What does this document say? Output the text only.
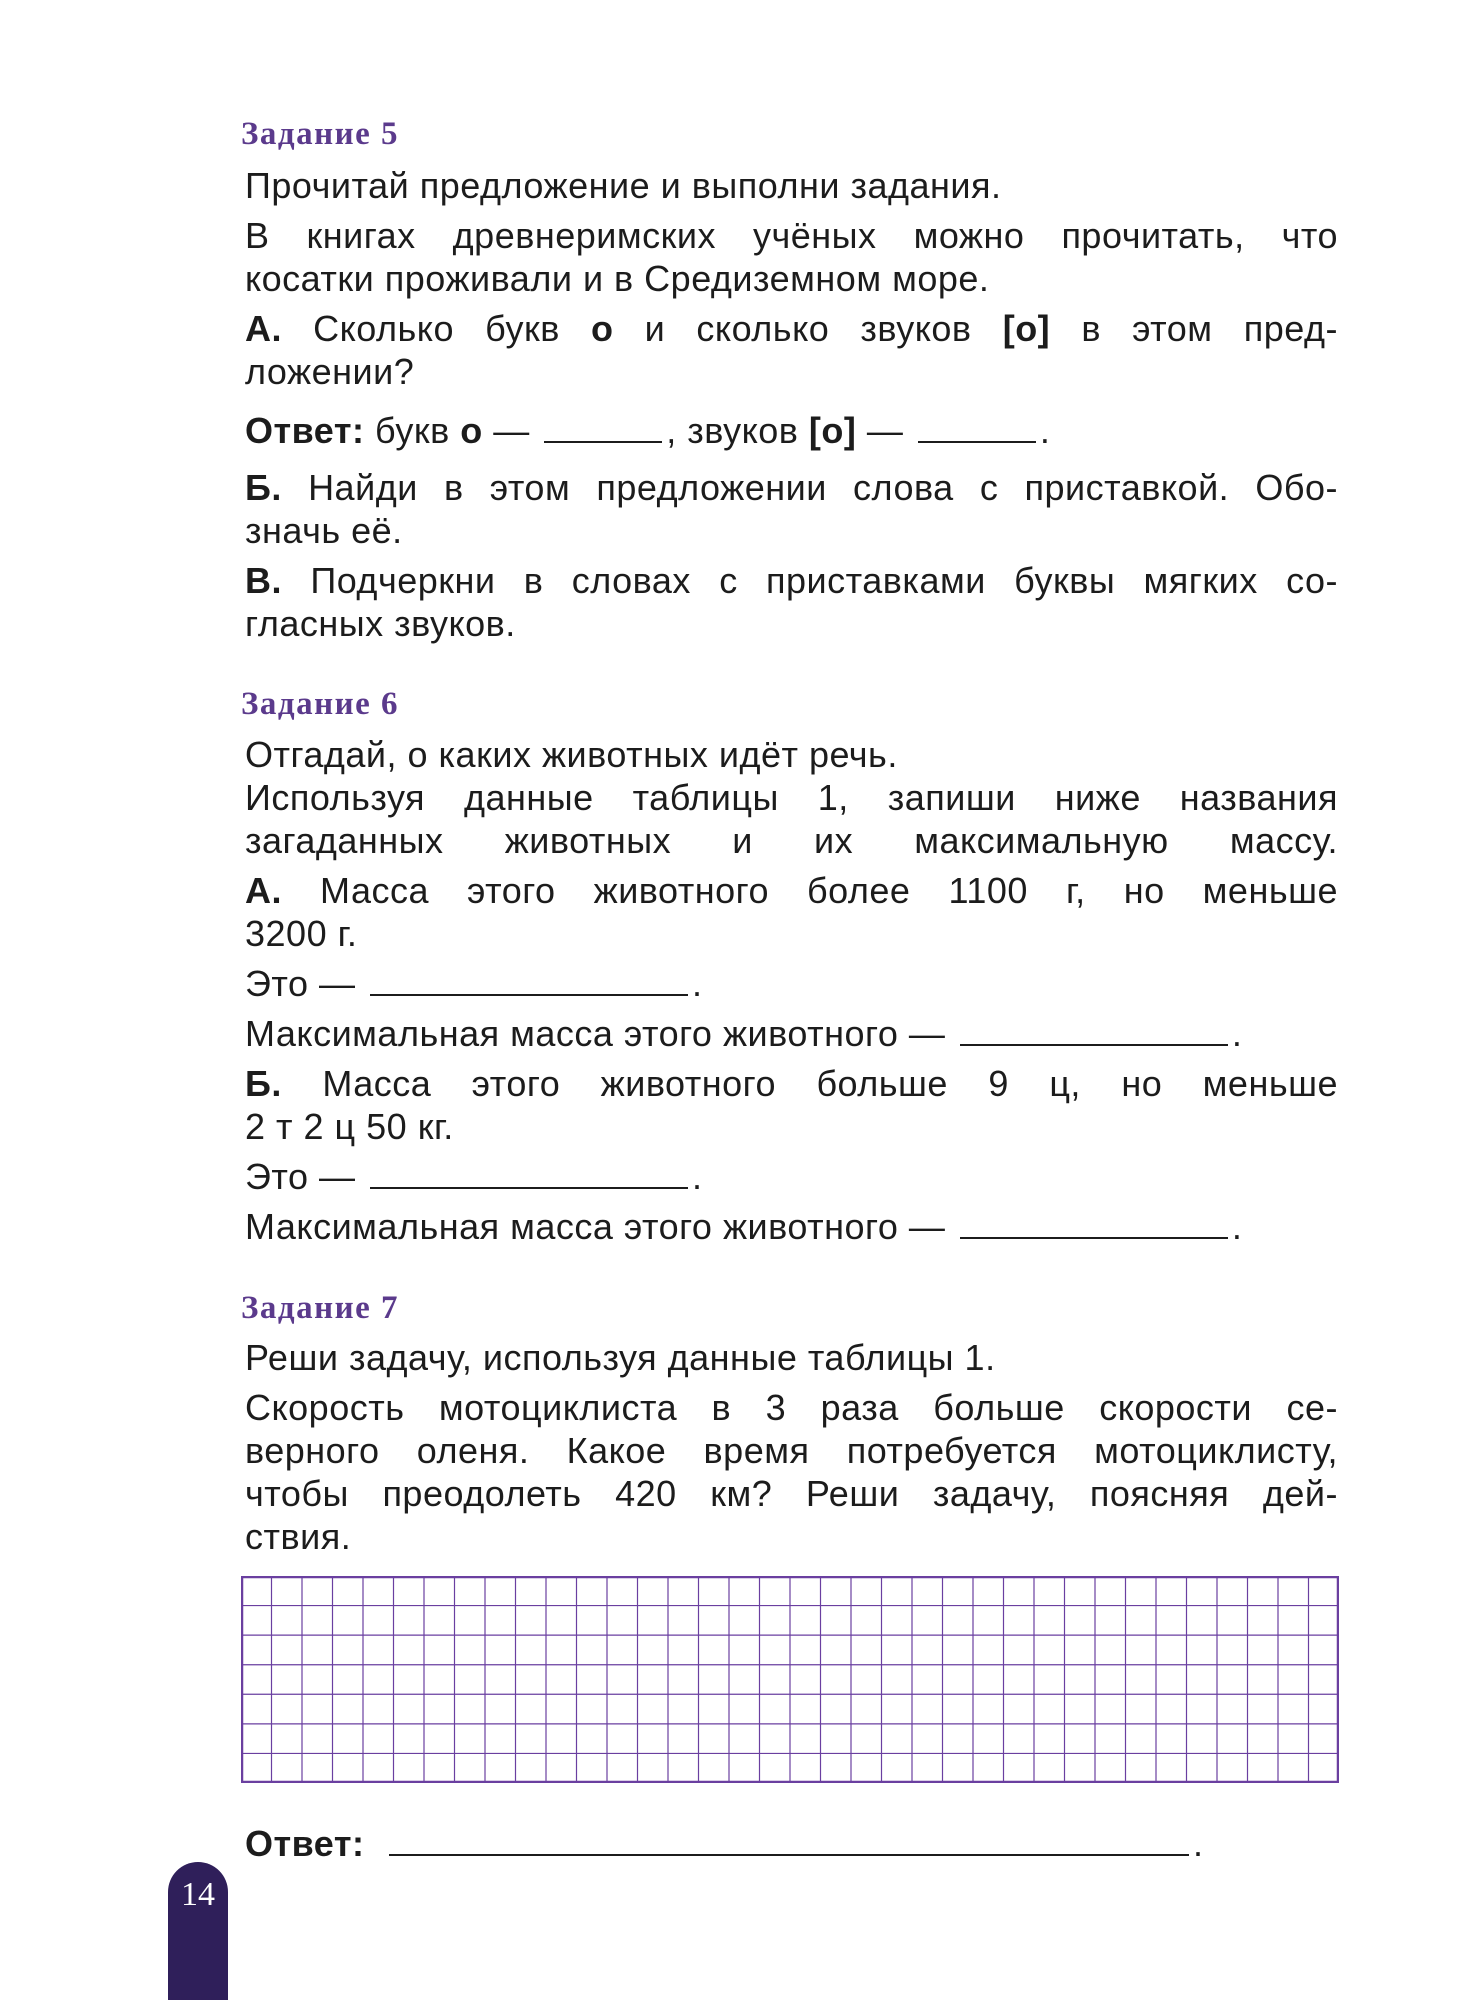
Задание 5
Прочитай предложение и выполни задания.
В книгах древнеримских учёных можно прочитать, что
косатки проживали и в Средиземном море.
А. Сколько букв о и сколько звуков [о] в этом пред-
ложении?
Ответ: букв о —	, звуков [о] —	.
Б. Найди в этом предложении слова с приставкой. Обо-
значь её.
В. Подчеркни в словах с приставками буквы мягких со-
гласных звуков.
Задание 6
Отгадай, о каких животных идёт речь.
Используя данные таблицы 1, запиши ниже названия
загаданных животных и их максимальную массу.
А. Масса этого животного более 1100 г, но меньше
3200 г.
Это —	.
Максимальная масса этого животного —	.
Б. Масса этого животного больше 9 ц, но меньше
2 т 2 ц 50 кг.
Это —	.
Максимальная масса этого животного —	.
Задание 7
Реши задачу, используя данные таблицы 1.
Скорость мотоциклиста в 3 раза больше скорости се-
верного оленя. Какое время потребуется мотоциклисту,
чтобы преодолеть 420 км? Реши задачу, поясняя дей-
ствия.
Ответ:	.
14
